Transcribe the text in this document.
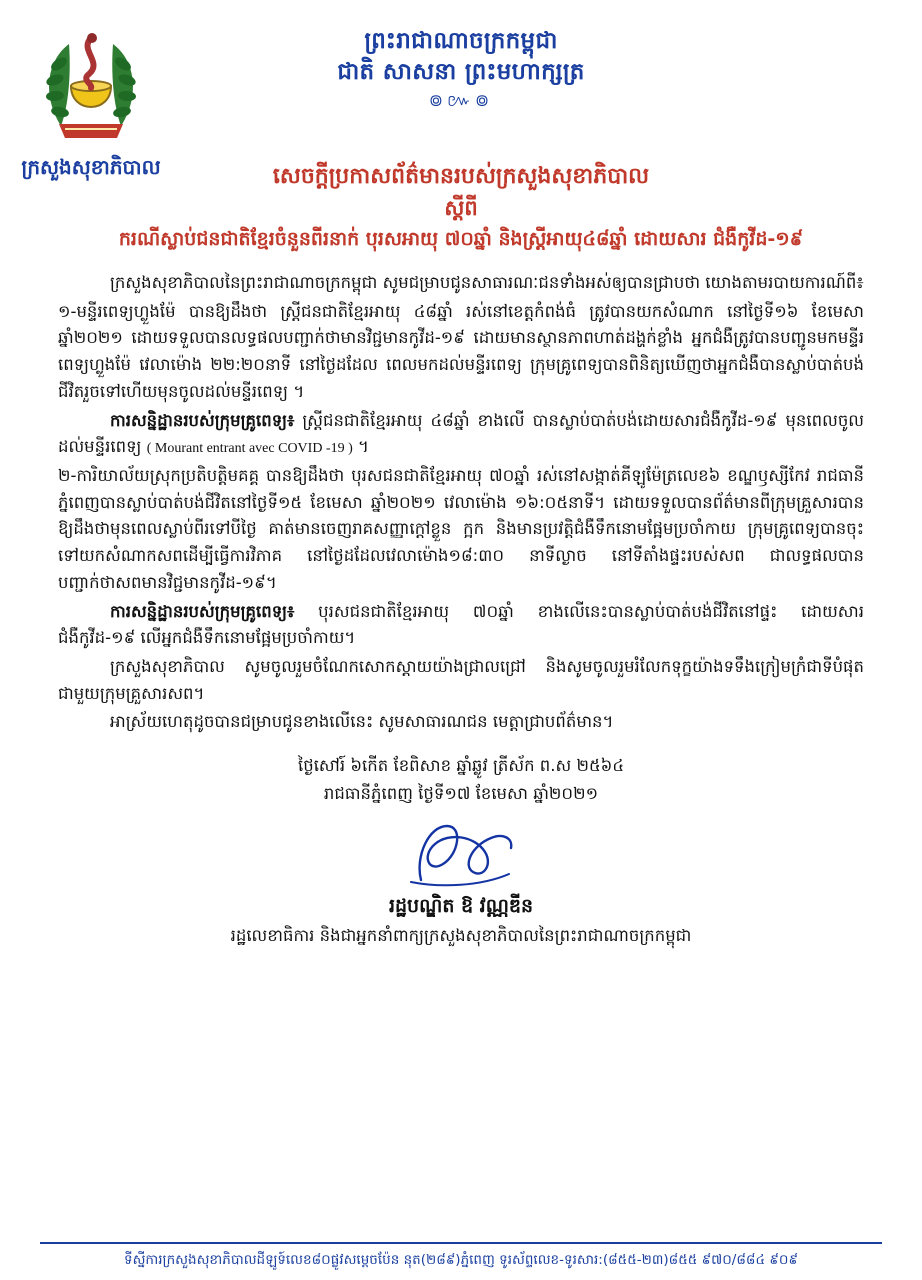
ក្រសួងសុខាភិបាល
ព្រះរាជាណាចក្រកម្ពុជា
ជាតិ សាសនា ព្រះមហាក្សត្រ
៙៚៙
សេចក្តីប្រកាសព័ត៌មានរបស់ក្រសួងសុខាភិបាល
ស្តីពី
ករណីស្លាប់ជនជាតិខ្មែរចំនួនពីរនាក់ បុរសអាយុ ៧០ឆ្នាំ និងស្ត្រីអាយុ៤៨ឆ្នាំ ដោយសារ ជំងឺកូវីដ-១៩

ក្រសួងសុខាភិបាលនៃព្រះរាជាណាចក្រកម្ពុជា សូមជម្រាបជូនសាធារណៈជនទាំងអស់ឲ្យបានជ្រាបថា យោងតាមរបាយការណ៍ពី៖

១-មន្ទីរពេទ្យហ្លួងម៉ែ បានឱ្យដឹងថា ស្ត្រីជនជាតិខ្មែរអាយុ ៤៨ឆ្នាំ រស់នៅខេត្តកំពង់ធំ ត្រូវបានយកសំណាក នៅថ្ងៃទី១៦ ខែមេសា ឆ្នាំ២០២១ ដោយទទួលបានលទ្ធផលបញ្ជាក់ថាមានវិជ្ជមានកូវីដ-១៩ ដោយមានស្ថានភាពហាត់ដង្ហក់ខ្លាំង អ្នកជំងឺត្រូវបានបញ្ជូនមកមន្ទីរពេទ្យហ្លួងម៉ែ វេលាម៉ោង ២២:២០នាទី នៅថ្ងៃដដែល ពេលមកដល់មន្ទីរពេទ្យ ក្រុមគ្រូពេទ្យបានពិនិត្យឃើញថាអ្នកជំងឺបានស្លាប់បាត់បង់ជីវិតរួចទៅហើយមុនចូលដល់មន្ទីរពេទ្យ ។

ការសន្និដ្ឋានរបស់ក្រុមគ្រូពេទ្យ៖ ស្ត្រីជនជាតិខ្មែរអាយុ ៤៨ឆ្នាំ ខាងលើ បានស្លាប់បាត់បង់ដោយសារជំងឺកូវីដ-១៩ មុនពេលចូលដល់មន្ទីរពេទ្យ ( Mourant entrant avec COVID -19 ) ។

២-ការិយាល័យស្រុកប្រតិបត្តិមគគ្គ បានឱ្យដឹងថា បុរសជនជាតិខ្មែរអាយុ ៧០ឆ្នាំ រស់នៅសង្កាត់គីឡូម៉ែត្រលេខ៦ ខណ្ឌឫស្សីកែវ រាជធានីភ្នំពេញបានស្លាប់បាត់បង់ជីវិតនៅថ្ងៃទី១៥ ខែមេសា ឆ្នាំ២០២១ វេលាម៉ោង ១៦:០៥នាទី។ ដោយទទួលបានព័ត៌មានពីក្រុមគ្រួសារបានឱ្យដឹងថាមុនពេលស្លាប់ពីរទៅបីថ្ងៃ គាត់មានចេញរាគសញ្ញាក្តៅខ្លួន ក្អក និងមានប្រវត្តិជំងឺទឹកនោមផ្អែមប្រចាំកាយ ក្រុមគ្រូពេទ្យបានចុះទៅយកសំណាកសពដើម្បីធ្វើការវិភាគ នៅថ្ងៃដដែលវេលាម៉ោង១៨:៣០ នាទីល្ងាច នៅទីតាំងផ្ទះរបស់សព ជាលទ្ធផលបានបញ្ជាក់ថាសពមានវិជ្ជមានកូវីដ-១៩។

ការសន្និដ្ឋានរបស់ក្រុមគ្រូពេទ្យ៖ បុរសជនជាតិខ្មែរអាយុ ៧០ឆ្នាំ ខាងលើនេះបានស្លាប់បាត់បង់ជីវិតនៅផ្ទះ ដោយសារជំងឺកូវីដ-១៩ លើអ្នកជំងឺទឹកនោមផ្អែមប្រចាំកាយ។

ក្រសួងសុខាភិបាល សូមចូលរួមចំណែកសោកស្តាយយ៉ាងជ្រាលជ្រៅ និងសូមចូលរួមរំលែកទុក្ខយ៉ាងទទឹងក្រៀមក្រំជាទីបំផុតជាមួយក្រុមគ្រួសារសព។

អាស្រ័យហេតុដូចបានជម្រាបជូនខាងលើនេះ សូមសាធារណជន មេត្តាជ្រាបព័ត៌មាន។

ថ្ងៃសៅរ៍ ៦កើត ខែពិសាខ ឆ្នាំឆ្លូវ ត្រីស័ក ព.ស ២៥៦៤
រាជធានីភ្នំពេញ ថ្ងៃទី១៧ ខែមេសា ឆ្នាំ២០២១
រដ្ឋបណ្ឌិត ឱ វណ្ណឌីន
រដ្ឋលេខាធិការ និងជាអ្នកនាំពាក្យក្រសួងសុខាភិបាលនៃព្រះរាជាណាចក្រកម្ពុជា
ទីស្នីការក្រសួងសុខាភិបាលដីឡូទ៍លេខ៨០ផ្លូវសម្តេចប៉ែន នុត(២៨៩)ភ្នំពេញ ទូរស័ព្ទលេខ-ទូរសារ:(៨៥៥-២៣)៨៥៥ ៩៧០/៨៨៤ ៩០៩
